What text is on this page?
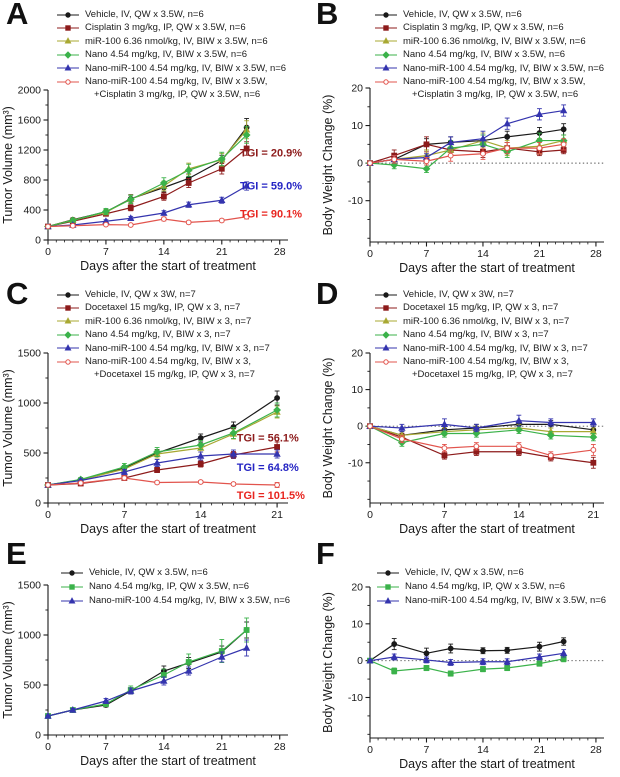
A	Vehicle, IV, QW x 3.5W, n=6
Cisplatin 3 mg/kg, IP, QW x 3.5W, n=6
miR-100 6.36 nmol/kg, IV, BIW x 3.5W, n=6
Nano 4.54 mg/kg, IV, BIW x 3.5W, n=6
Nano-miR-100 4.54 mg/kg, IV, BIW x 3.5W, n=6
Nano-miR-100 4.54 mg/kg, IV, BIW x 3.5W,
+Cisplatin 3 mg/kg, IP, QW x 3.5W, n=6
0
400
800
1200
1600
2000
0	7	14	21	28
Tumor Volume (mm³)
Days after the start of treatment
TGI = 20.9%
TGI = 59.0%
TGI = 90.1%
B	Vehicle, IV, QW x 3.5W, n=6
Cisplatin 3 mg/kg, IP, QW x 3.5W, n=6
miR-100 6.36 nmol/kg, IV, BIW x 3.5W, n=6
Nano 4.54 mg/kg, IV, BIW x 3.5W, n=6
Nano-miR-100 4.54 mg/kg, IV, BIW x 3.5W, n=6
Nano-miR-100 4.54 mg/kg, IV, BIW x 3.5W,
+Cisplatin 3 mg/kg, IP, QW x 3.5W, n=6
-10
0
10
20
0	7	14	21	28
Body Weight Change (%)
Days after the start of treatment
C	Vehicle, IV, QW x 3W, n=7
Docetaxel 15 mg/kg, IP, QW x 3, n=7
miR-100 6.36 nmol/kg, IV, BIW x 3, n=7
Nano 4.54 mg/kg, IV, BIW x 3, n=7
Nano-miR-100 4.54 mg/kg, IV, BIW x 3, n=7
Nano-miR-100 4.54 mg/kg, IV, BIW x 3,
+Docetaxel 15 mg/kg, IP, QW x 3, n=7
0
500
1000
1500
0	7	14	21
Tumor Volume (mm³)
Days after the start of treatment
TGI = 56.1%
TGI = 64.8%
TGI = 101.5%
D	Vehicle, IV, QW x 3W, n=7
Docetaxel 15 mg/kg, IP, QW x 3, n=7
miR-100 6.36 nmol/kg, IV, BIW x 3, n=7
Nano 4.54 mg/kg, IV, BIW x 3, n=7
Nano-miR-100 4.54 mg/kg, IV, BIW x 3, n=7
Nano-miR-100 4.54 mg/kg, IV, BIW x 3,
+Docetaxel 15 mg/kg, IP, QW x 3, n=7
-10
0
10
20
0	7	14	21
Body Weight Change (%)
Days after the start of treatment
E
Vehicle, IV, QW x 3.5W, n=6
Nano 4.54 mg/kg, IP, QW x 3.5W, n=6
Nano-miR-100 4.54 mg/kg, IV, BIW x 3.5W, n=6
0
500
1000
1500
0	7	14	21	28
Tumor Volume (mm³)
Days after the start of treatment
F
Vehicle, IV, QW x 3.5W, n=6
Nano 4.54 mg/kg, IP, QW x 3.5W, n=6
Nano-miR-100 4.54 mg/kg, IV, BIW x 3.5W, n=6
-10
0
10
20
0	7	14	21	28
Body Weight Change (%)
Days after the start of treatment
